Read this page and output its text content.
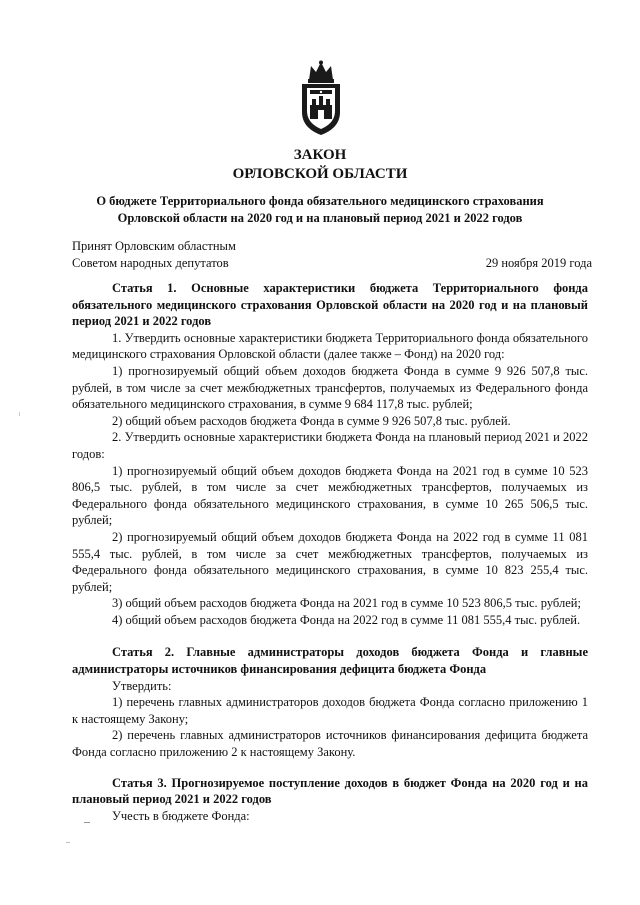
ЗАКОН
ОРЛОВСКОЙ ОБЛАСТИ
О бюджете Территориального фонда обязательного медицинского страхования
Орловской области на 2020 год и на плановый период 2021 и 2022 годов
Принят Орловским областным
Советом народных депутатов	29 ноября 2019 года

Статья 1. Основные характеристики бюджета Территориального фонда обязательного медицинского страхования Орловской области на 2020 год и на плановый период 2021 и 2022 годов

1. Утвердить основные характеристики бюджета Территориального фонда обязательного медицинского страхования Орловской области (далее также – Фонд) на 2020 год:

1) прогнозируемый общий объем доходов бюджета Фонда в сумме 9 926 507,8 тыс. рублей, в том числе за счет межбюджетных трансфертов, получаемых из Федерального фонда обязательного медицинского страхования, в сумме 9 684 117,8 тыс. рублей;

2) общий объем расходов бюджета Фонда в сумме 9 926 507,8 тыс. рублей.

2. Утвердить основные характеристики бюджета Фонда на плановый период 2021 и 2022 годов:

1) прогнозируемый общий объем доходов бюджета Фонда на 2021 год в сумме 10 523 806,5 тыс. рублей, в том числе за счет межбюджетных трансфертов, получаемых из Федерального фонда обязательного медицинского страхования, в сумме 10 265 506,5 тыс. рублей;

2) прогнозируемый общий объем доходов бюджета Фонда на 2022 год в сумме 11 081 555,4 тыс. рублей, в том числе за счет межбюджетных трансфертов, получаемых из Федерального фонда обязательного медицинского страхования, в сумме 10 823 255,4 тыс. рублей;

3) общий объем расходов бюджета Фонда на 2021 год в сумме 10 523 806,5 тыс. рублей;

4) общий объем расходов бюджета Фонда на 2022 год в сумме 11 081 555,4 тыс. рублей.

Статья 2. Главные администраторы доходов бюджета Фонда и главные администраторы источников финансирования дефицита бюджета Фонда

Утвердить:

1) перечень главных администраторов доходов бюджета Фонда согласно приложению 1 к настоящему Закону;

2) перечень главных администраторов источников финансирования дефицита бюджета Фонда согласно приложению 2 к настоящему Закону.

Статья 3. Прогнозируемое поступление доходов в бюджет Фонда на 2020 год и на плановый период 2021 и 2022 годов

Учесть в бюджете Фонда:
